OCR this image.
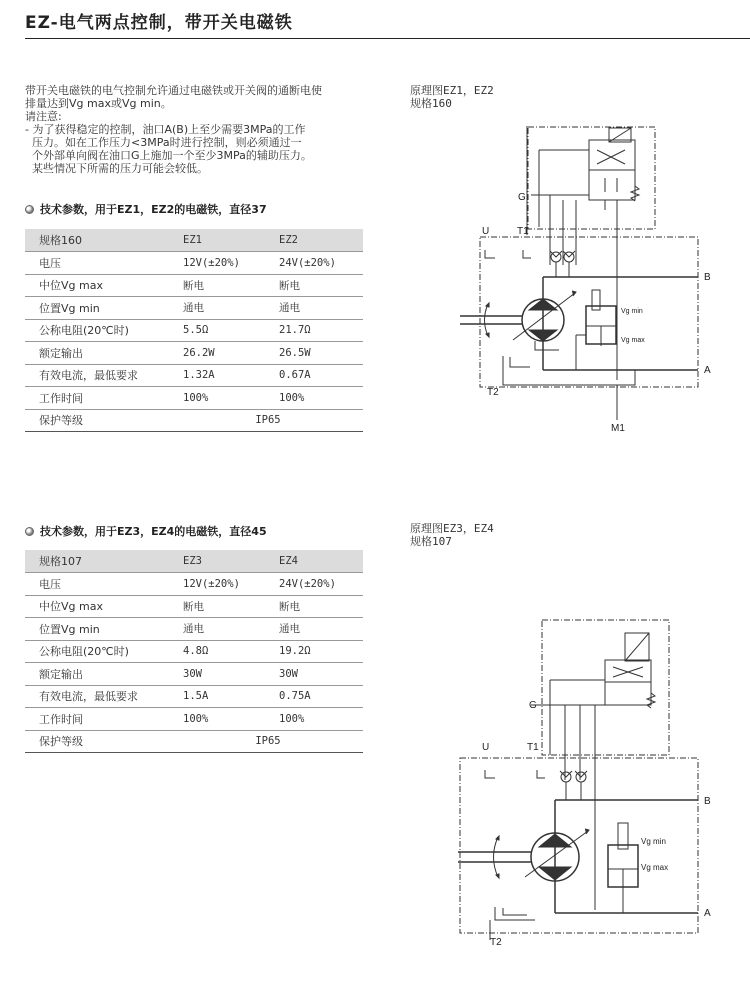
EZ-电气两点控制，带开关电磁铁

带开关电磁铁的电气控制允许通过电磁铁或开关阀的通断电使

排量达到Vg max或Vg min。

请注意:

- 为了获得稳定的控制，油口A(B)上至少需要3MPa的工作

压力。如在工作压力<3MPa时进行控制，则必须通过一

个外部单向阀在油口G上施加一个至少3MPa的辅助压力。

某些情况下所需的压力可能会较低。

技术参数，用于EZ1，EZ2的电磁铁，直径37
规格160	EZ1	EZ2
电压	12V(±20%)	24V(±20%)
中位Vg max	断电	断电
位置Vg min	通电	通电
公称电阻(20℃时)	5.5Ω	21.7Ω
额定输出	26.2W	26.5W
有效电流，最低要求	1.32A	0.67A
工作时间	100%	100%
保护等级	IP65	
技术参数，用于EZ3，EZ4的电磁铁，直径45
规格107	EZ3	EZ4
电压	12V(±20%)	24V(±20%)
中位Vg max	断电	断电
位置Vg min	通电	通电
公称电阻(20℃时)	4.8Ω	19.2Ω
额定输出	30W	30W
有效电流，最低要求	1.5A	0.75A
工作时间	100%	100%
保护等级	IP65	
原理图EZ1，EZ2
规格160
原理图EZ3，EZ4
规格107
G
U	T1
B
A
T2
M1
Vg min
Vg max
G
U	T1
B
A
T2
Vg min
Vg max
